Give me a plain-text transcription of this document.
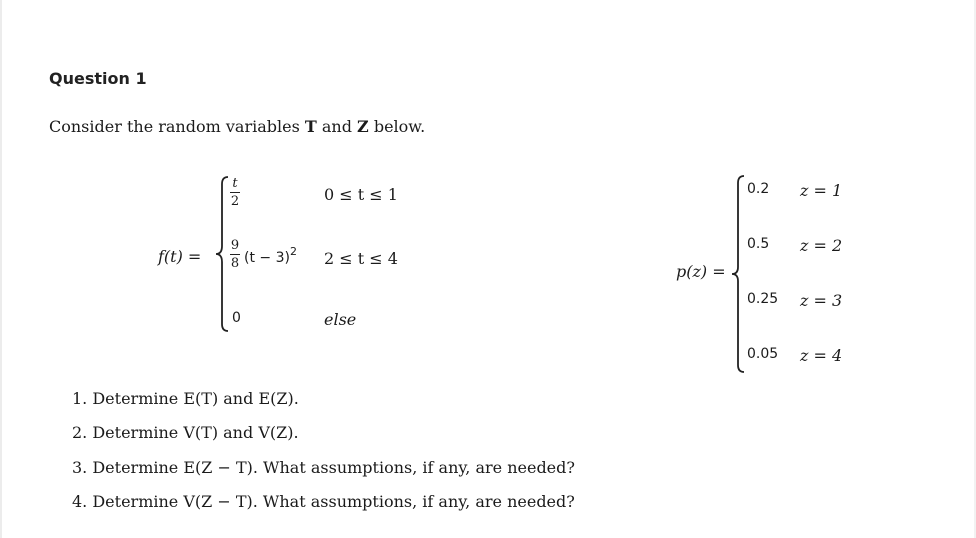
Question 1
Consider the random variables T and Z below.
f(t) =
t
2	0 ≤ t ≤ 1
9
8 $(t - 3)^2$ 2 ≤ t ≤ 4
0	else
p(z) =
0.2 z = 1
0.5 z = 2
0.25 z = 3
0.05 z = 4
1. Determine E(T) and E(Z).
2. Determine V(T) and V(Z).
3. Determine E(Z − T). What assumptions, if any, are needed?
4. Determine V(Z − T). What assumptions, if any, are needed?
